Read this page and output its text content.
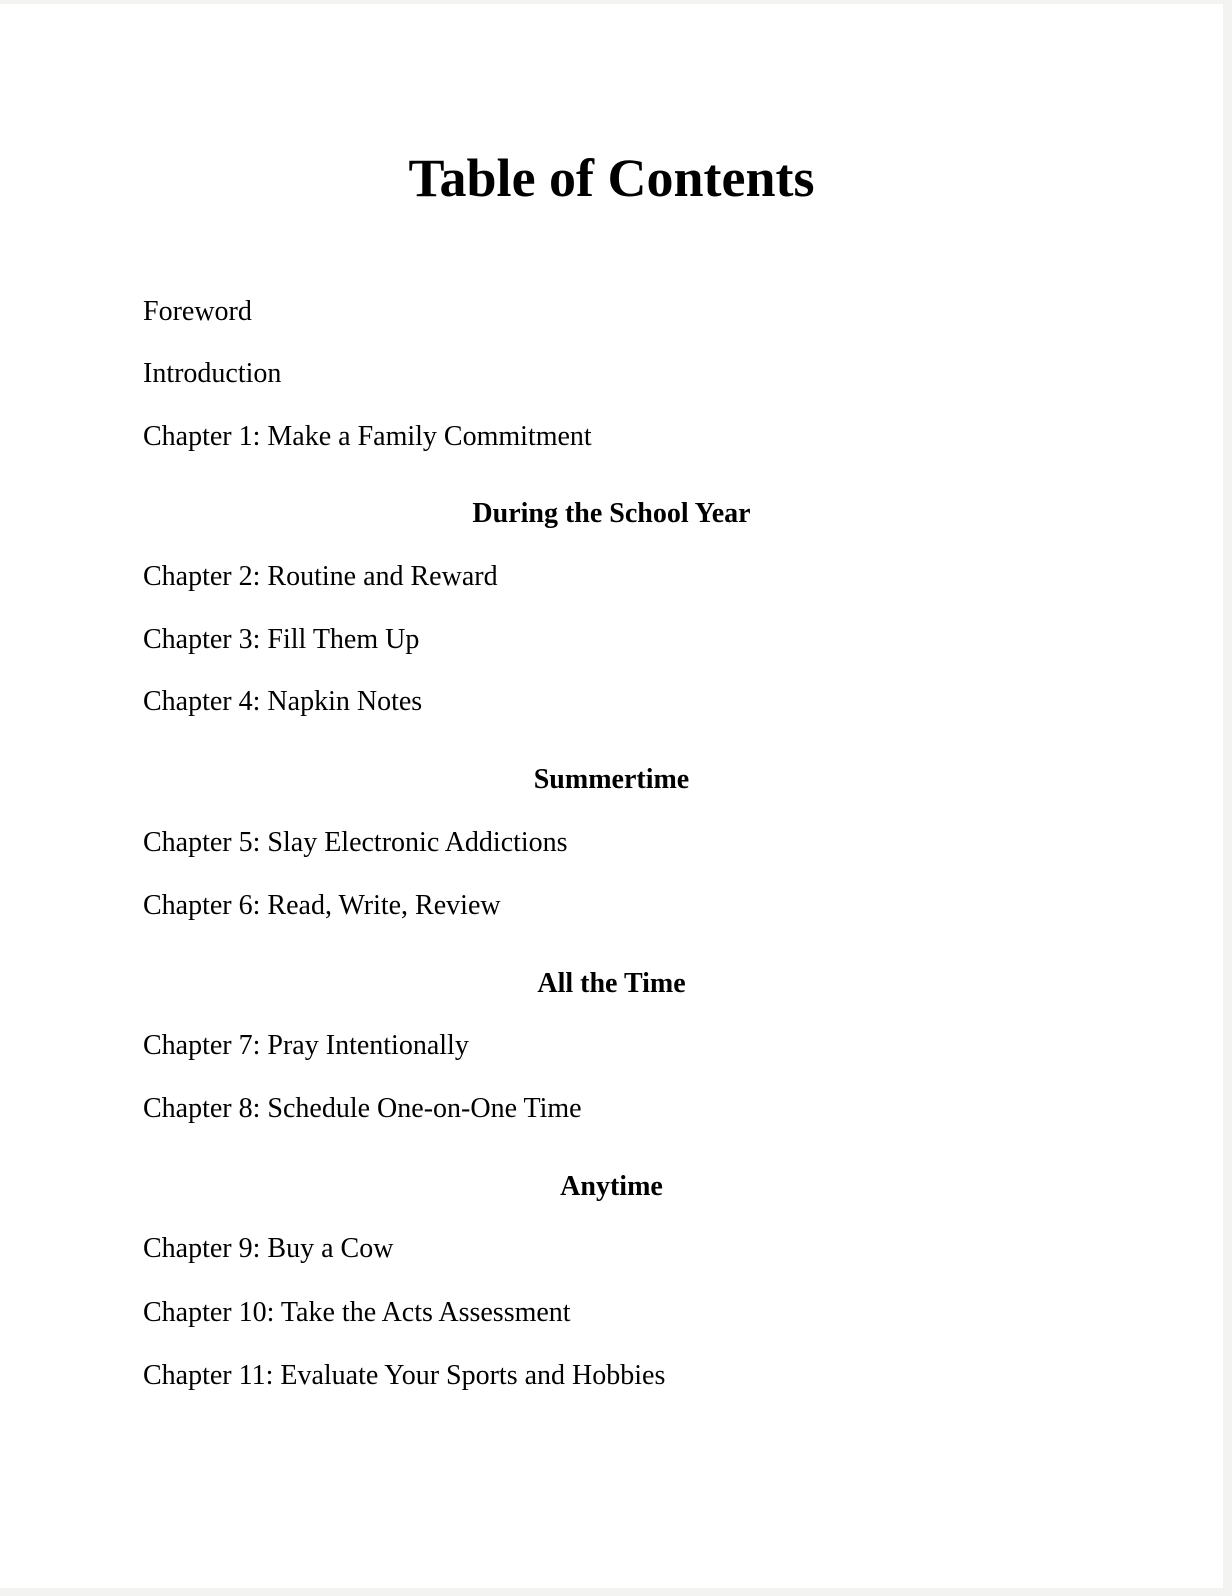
Table of Contents
Foreword
Introduction
Chapter 1: Make a Family Commitment
During the School Year
Chapter 2: Routine and Reward
Chapter 3: Fill Them Up
Chapter 4: Napkin Notes
Summertime
Chapter 5: Slay Electronic Addictions
Chapter 6: Read, Write, Review
All the Time
Chapter 7: Pray Intentionally
Chapter 8: Schedule One-on-One Time
Anytime
Chapter 9: Buy a Cow
Chapter 10: Take the Acts Assessment
Chapter 11: Evaluate Your Sports and Hobbies
